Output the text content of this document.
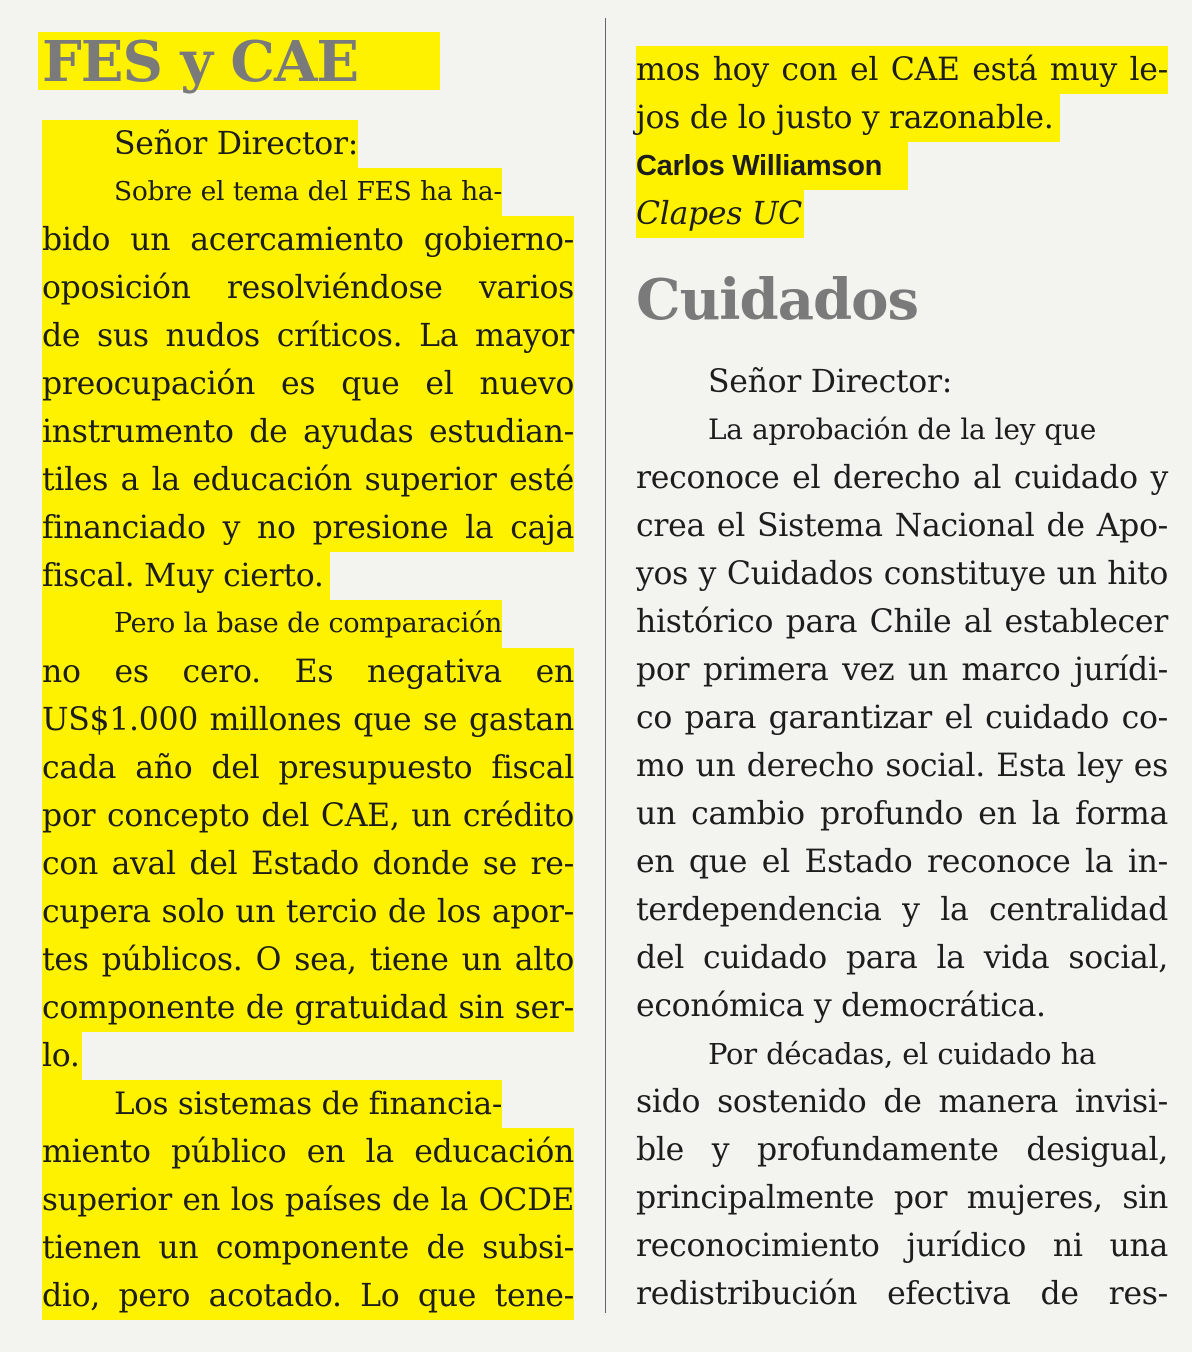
FES y CAE
Señor Director:
Sobre el tema del FES ha ha-
bido un acercamiento gobierno-
oposición resolviéndose varios
de sus nudos críticos. La mayor
preocupación es que el nuevo
instrumento de ayudas estudian-
tiles a la educación superior esté
financiado y no presione la caja
fiscal. Muy cierto.
Pero la base de comparación
no es cero. Es negativa en
US$1.000 millones que se gastan
cada año del presupuesto fiscal
por concepto del CAE, un crédito
con aval del Estado donde se re-
cupera solo un tercio de los apor-
tes públicos. O sea, tiene un alto
componente de gratuidad sin ser-
lo.
Los sistemas de financia-
miento público en la educación
superior en los países de la OCDE
tienen un componente de subsi-
dio, pero acotado. Lo que tene-
mos hoy con el CAE está muy le-
jos de lo justo y razonable.
Carlos Williamson
Clapes UC
Señor Director:
La aprobación de la ley que
reconoce el derecho al cuidado y
crea el Sistema Nacional de Apo-
yos y Cuidados constituye un hito
histórico para Chile al establecer
por primera vez un marco jurídi-
co para garantizar el cuidado co-
mo un derecho social. Esta ley es
un cambio profundo en la forma
en que el Estado reconoce la in-
terdependencia y la centralidad
del cuidado para la vida social,
económica y democrática.
Por décadas, el cuidado ha
sido sostenido de manera invisi-
ble y profundamente desigual,
principalmente por mujeres, sin
reconocimiento jurídico ni una
redistribución efectiva de res-
Cuidados
